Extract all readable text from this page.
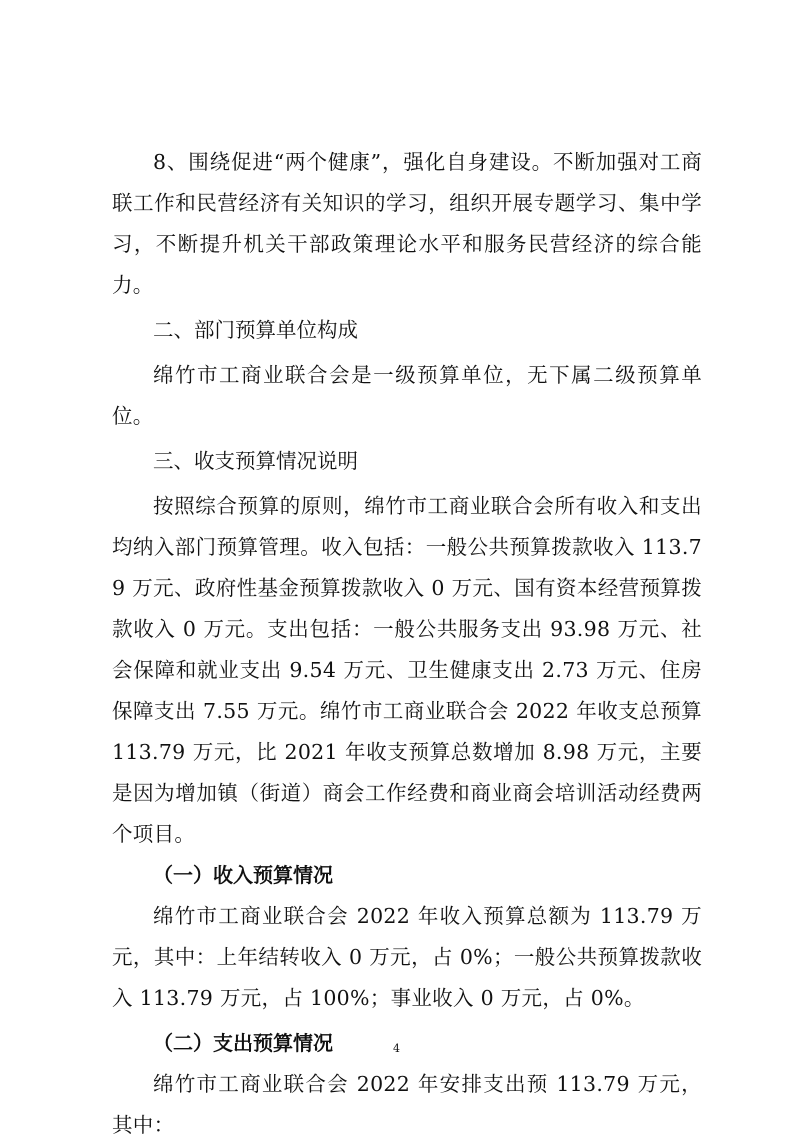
8、围绕促进“两个健康”，强化自身建设。不断加强对工商联工作和民营经济有关知识的学习，组织开展专题学习、集中学习，不断提升机关干部政策理论水平和服务民营经济的综合能力。

二、部门预算单位构成

绵竹市工商业联合会是一级预算单位，无下属二级预算单位。

三、收支预算情况说明

按照综合预算的原则，绵竹市工商业联合会所有收入和支出均纳入部门预算管理。收入包括：一般公共预算拨款收入 113.79 万元、政府性基金预算拨款收入 0 万元、国有资本经营预算拨款收入 0 万元。支出包括：一般公共服务支出 93.98 万元、社会保障和就业支出 9.54 万元、卫生健康支出 2.73 万元、住房保障支出 7.55 万元。绵竹市工商业联合会 2022 年收支总预算 113.79 万元，比 2021 年收支预算总数增加 8.98 万元，主要是因为增加镇（街道）商会工作经费和商业商会培训活动经费两个项目。

（一）收入预算情况

绵竹市工商业联合会 2022 年收入预算总额为 113.79 万元，其中：上年结转收入 0 万元，占 0%；一般公共预算拨款收入 113.79 万元，占 100%；事业收入 0 万元，占 0%。

（二）支出预算情况

绵竹市工商业联合会 2022 年安排支出预 113.79 万元，其中：

4
